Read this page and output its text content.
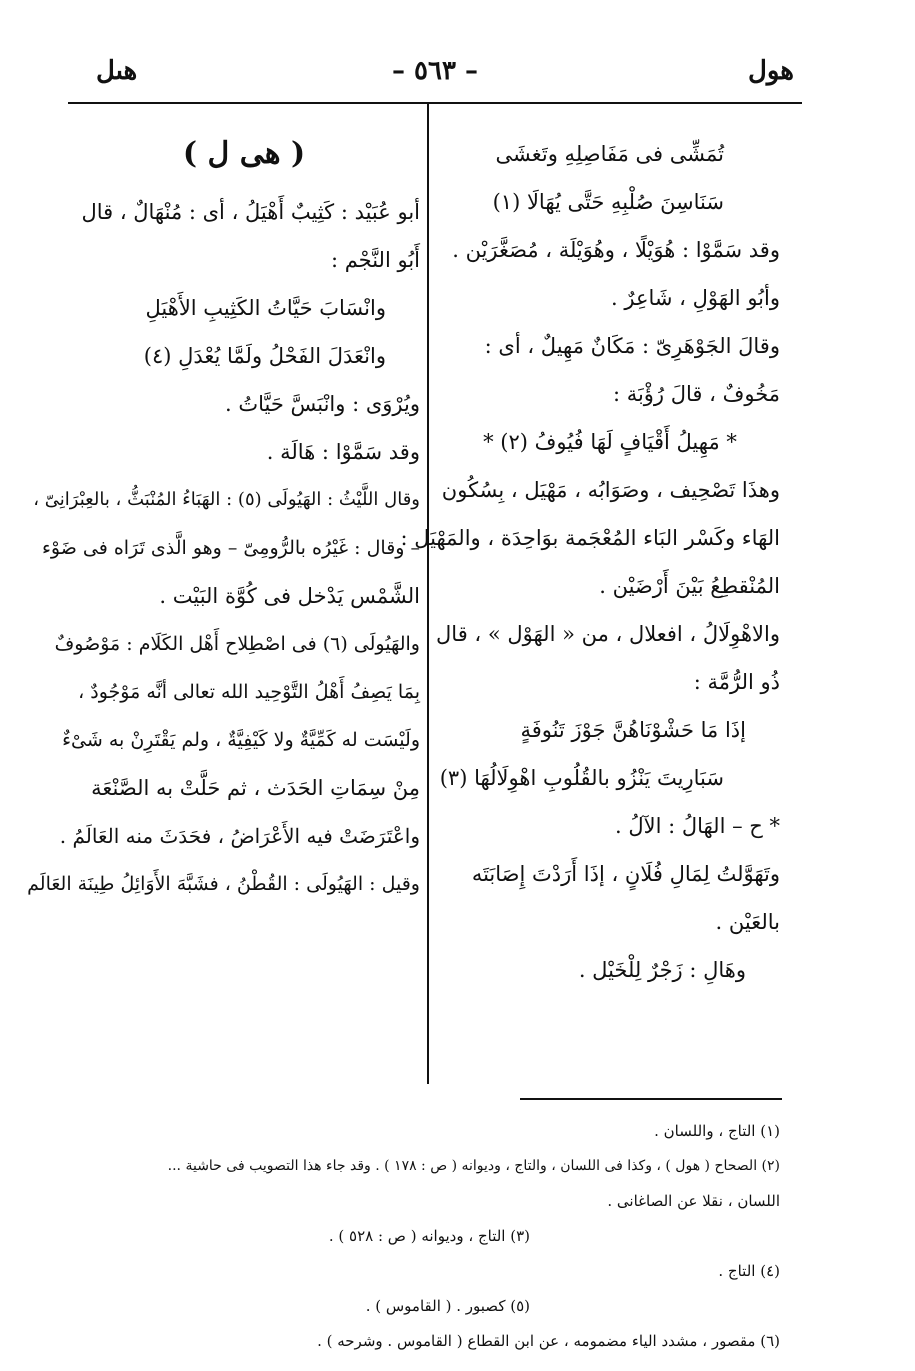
هول
– ٥٦٣ –
هىل
تُمَشِّى فى مَفَاصِلِهِ وتَغشَى
سَنَاسِنَ صُلْبِهِ حَتَّى يُهَالَا (١)
وقد سَمَّوْا : هُوَيْلًا ، وهُوَيْلَة ، مُصَغَّرَيْن .
وأبُو الهَوْلِ ، شَاعِرٌ .
وقالَ الجَوْهَرِىّ : مَكَانٌ مَهِيلٌ ، أى :
مَخُوفٌ ، قالَ رُؤْبَة :
* مَهِيلُ أَقْيَافٍ لَهَا فُيُوفُ (٢) *
وهذَا تَصْحِيف ، وصَوَابُه ، مَهْيَل ، بِسُكُون
الهَاء وكَسْر البَاء المُعْجَمة بوَاحِدَة ، والمَهْيَل :
المُنْقطِعُ بَيْنَ أَرْضَيْن .
والاهْوِلَالُ ، افعلال ، من « الهَوْل » ، قال
ذُو الرُّمَّة :
إذَا مَا حَشْوْنَاهُنَّ جَوْزَ تَنُوفَةٍ
سَبَارِيتَ يَنْزُو بالقُلُوبِ اهْوِلَالُهَا (٣)
* ح – الهَالُ : الآلُ .
وتَهَوَّلتُ لِمَالِ فُلَانٍ ، إذَا أَرَدْتَ إِصَابَتَه
بالعَيْن .
وهَالِ : زَجْرٌ لِلْخَيْل .
( هى ل )
أبو عُبَيْد : كَثِيبٌ أَهْيَلُ ، أى : مُنْهَالٌ ، قال
أَبُو النَّجْم :
وانْسَابَ حَيَّاتُ الكَثِيبِ الأَهْيَلِ
وانْعَدَلَ الفَحْلُ ولَمَّا يُعْدَلِ (٤)
ويُرْوَى : وانْبَسَّ حَيَّاتُ .
وقد سَمَّوْا : هَالَة .
وقال اللَّيْثُ : الهَيُولَى (٥) : الهَبَاءُ المُنْبَثُّ ، بالعِبْرَانِىّ ،
– وقال : غَيْرُه بالرُّومِىّ – وهو الَّذى تَرَاه فى ضَوْء
الشَّمْس يَدْخل فى كُوَّة البَيْت .
والهَيُولَى (٦) فى اصْطِلاح أَهْل الكَلَام : مَوْصُوفٌ
بِمَا يَصِفُ أَهْلُ التَّوْحِيد الله تعالى أنَّه مَوْجُودٌ ،
ولَيْسَت له كَمِّيَّةٌ ولا كَيْفِيَّةٌ ، ولم يَقْتَرِنْ به شَىْءٌ
مِنْ سِمَاتِ الحَدَث ، ثم حَلَّتْ به الصَّنْعَة
واعْتَرَضَتْ فيه الأَعْرَاضُ ، فحَدَثَ منه العَالَمُ .
وقيل : الهَيُولَى : القُطْنُ ، فشَبَّهَ الأَوَائِلُ طِينَة العَالَم
(١) التاج ، واللسان .
(٢) الصحاح ( هول ) ، وكذا فى اللسان ، والتاج ، وديوانه ( ص : ١٧٨ ) . وقد جاء هذا التصويب فى حاشية ...
اللسان ، نقلا عن الصاغانى .
(٣) التاج ، وديوانه ( ص : ٥٢٨ ) .
(٤) التاج .
(٥) كصبور . ( القاموس ) .
(٦) مقصور ، مشدد الياء مضمومه ، عن ابن القطاع ( القاموس . وشرحه ) .
